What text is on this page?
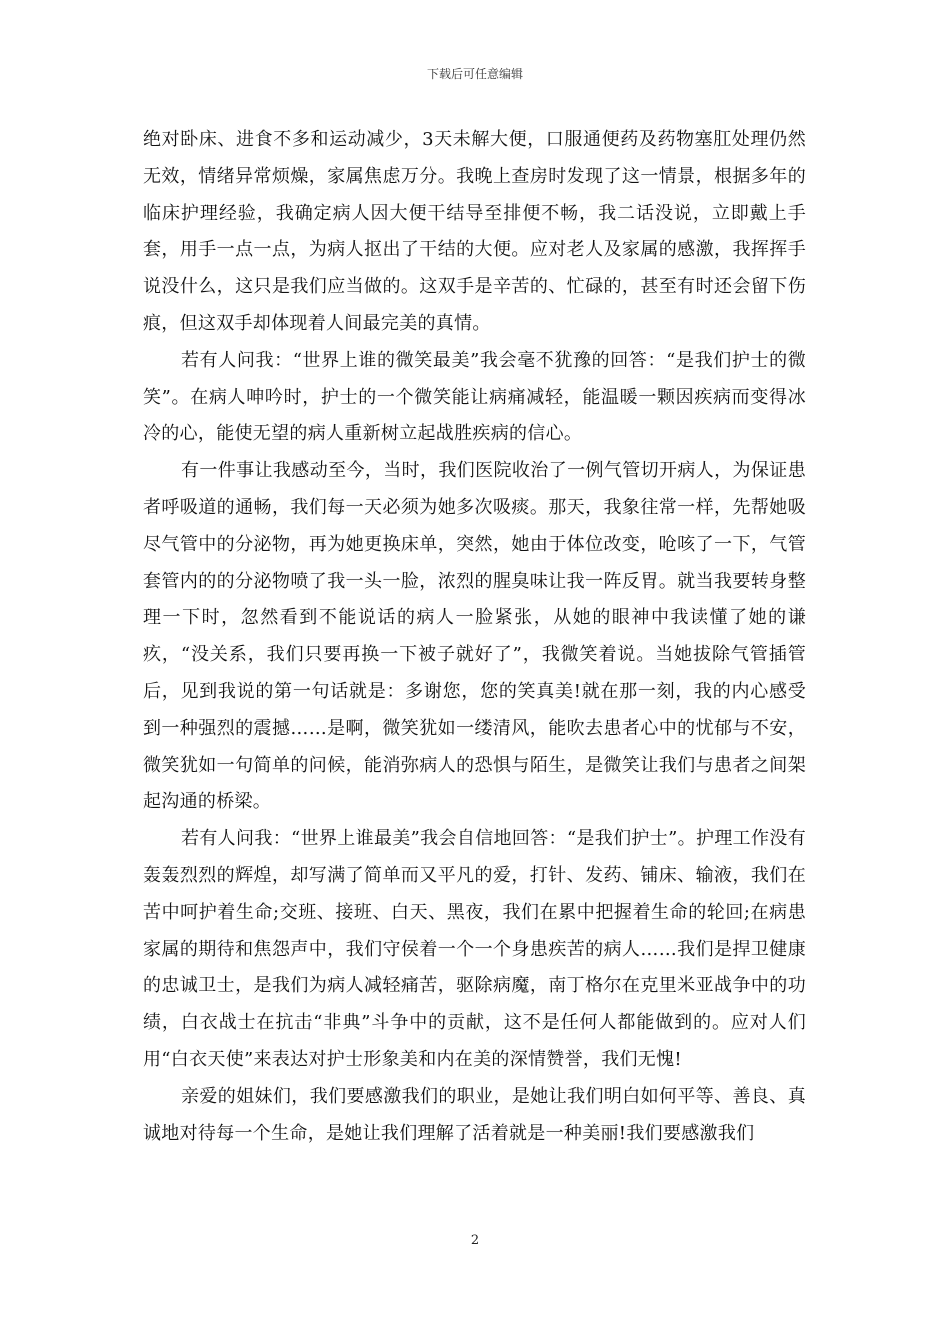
下载后可任意编辑

绝对卧床、进食不多和运动减少，3天未解大便，口服通便药及药物塞肛处理仍然无效，情绪异常烦燥，家属焦虑万分。我晚上查房时发现了这一情景，根据多年的临床护理经验，我确定病人因大便干结导至排便不畅，我二话没说，立即戴上手套，用手一点一点，为病人抠出了干结的大便。应对老人及家属的感激，我挥挥手说没什么，这只是我们应当做的。这双手是辛苦的、忙碌的，甚至有时还会留下伤痕，但这双手却体现着人间最完美的真情。

若有人问我：“世界上谁的微笑最美”我会毫不犹豫的回答：“是我们护士的微笑”。在病人呻吟时，护士的一个微笑能让病痛减轻，能温暖一颗因疾病而变得冰冷的心，能使无望的病人重新树立起战胜疾病的信心。

有一件事让我感动至今，当时，我们医院收治了一例气管切开病人，为保证患者呼吸道的通畅，我们每一天必须为她多次吸痰。那天，我象往常一样，先帮她吸尽气管中的分泌物，再为她更换床单，突然，她由于体位改变，呛咳了一下，气管套管内的的分泌物喷了我一头一脸，浓烈的腥臭味让我一阵反胃。就当我要转身整理一下时，忽然看到不能说话的病人一脸紧张，从她的眼神中我读懂了她的谦疚，“没关系，我们只要再换一下被子就好了”，我微笑着说。当她拔除气管插管后，见到我说的第一句话就是：多谢您，您的笑真美!就在那一刻，我的内心感受到一种强烈的震撼……是啊，微笑犹如一缕清风，能吹去患者心中的忧郁与不安，微笑犹如一句简单的问候，能消弥病人的恐惧与陌生，是微笑让我们与患者之间架起沟通的桥梁。

若有人问我：“世界上谁最美”我会自信地回答：“是我们护士”。护理工作没有轰轰烈烈的辉煌，却写满了简单而又平凡的爱，打针、发药、铺床、输液，我们在苦中呵护着生命;交班、接班、白天、黑夜，我们在累中把握着生命的轮回;在病患家属的期待和焦怨声中，我们守侯着一个一个身患疾苦的病人……我们是捍卫健康的忠诚卫士，是我们为病人减轻痛苦，驱除病魔，南丁格尔在克里米亚战争中的功绩，白衣战士在抗击“非典”斗争中的贡献，这不是任何人都能做到的。应对人们用“白衣天使”来表达对护士形象美和内在美的深情赞誉，我们无愧!

亲爱的姐妹们，我们要感激我们的职业，是她让我们明白如何平等、善良、真诚地对待每一个生命，是她让我们理解了活着就是一种美丽!我们要感激我们

2
